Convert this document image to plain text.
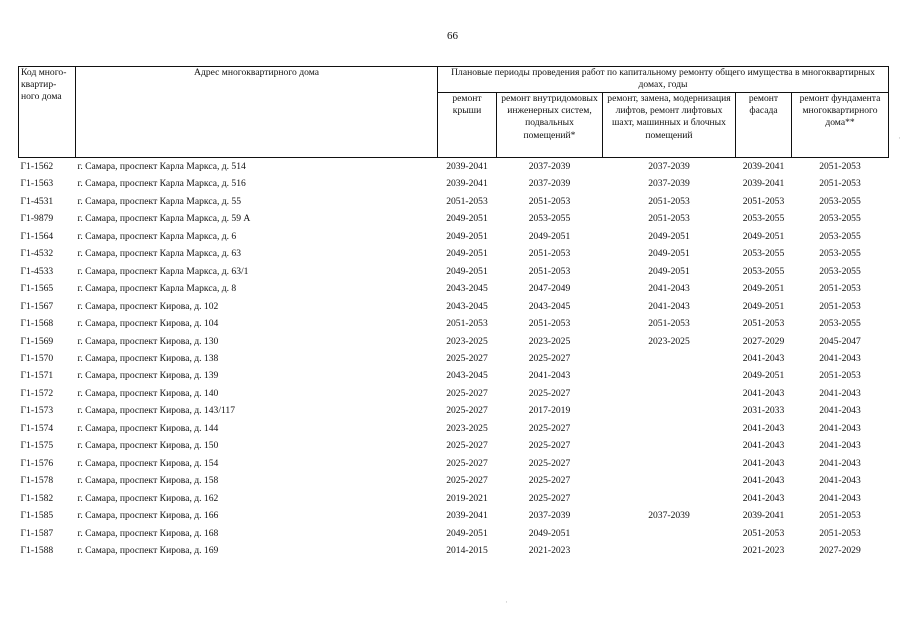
66
Код много-квартир-ного дома	Адрес многоквартирного дома	Плановые периоды проведения работ по капитальному ремонту общего имущества в многоквартирных домах, годы				
		ремонт крыши	ремонт внутридомовых инженерных систем, подвальных помещений*	ремонт, замена, модернизация лифтов, ремонт лифтовых шахт, машинных и блочных помещений	ремонт фасада	ремонт фундамента многоквартирного дома**
Г1-1562	г. Самара, проспект Карла Маркса, д. 514	2039-2041	2037-2039	2037-2039	2039-2041	2051-2053
Г1-1563	г. Самара, проспект Карла Маркса, д. 516	2039-2041	2037-2039	2037-2039	2039-2041	2051-2053
Г1-4531	г. Самара, проспект Карла Маркса, д. 55	2051-2053	2051-2053	2051-2053	2051-2053	2053-2055
Г1-9879	г. Самара, проспект Карла Маркса, д. 59 А	2049-2051	2053-2055	2051-2053	2053-2055	2053-2055
Г1-1564	г. Самара, проспект Карла Маркса, д. 6	2049-2051	2049-2051	2049-2051	2049-2051	2053-2055
Г1-4532	г. Самара, проспект Карла Маркса, д. 63	2049-2051	2051-2053	2049-2051	2053-2055	2053-2055
Г1-4533	г. Самара, проспект Карла Маркса, д. 63/1	2049-2051	2051-2053	2049-2051	2053-2055	2053-2055
Г1-1565	г. Самара, проспект Карла Маркса, д. 8	2043-2045	2047-2049	2041-2043	2049-2051	2051-2053
Г1-1567	г. Самара, проспект Кирова, д. 102	2043-2045	2043-2045	2041-2043	2049-2051	2051-2053
Г1-1568	г. Самара, проспект Кирова, д. 104	2051-2053	2051-2053	2051-2053	2051-2053	2053-2055
Г1-1569	г. Самара, проспект Кирова, д. 130	2023-2025	2023-2025	2023-2025	2027-2029	2045-2047
Г1-1570	г. Самара, проспект Кирова, д. 138	2025-2027	2025-2027		2041-2043	2041-2043
Г1-1571	г. Самара, проспект Кирова, д. 139	2043-2045	2041-2043		2049-2051	2051-2053
Г1-1572	г. Самара, проспект Кирова, д. 140	2025-2027	2025-2027		2041-2043	2041-2043
Г1-1573	г. Самара, проспект Кирова, д. 143/117	2025-2027	2017-2019		2031-2033	2041-2043
Г1-1574	г. Самара, проспект Кирова, д. 144	2023-2025	2025-2027		2041-2043	2041-2043
Г1-1575	г. Самара, проспект Кирова, д. 150	2025-2027	2025-2027		2041-2043	2041-2043
Г1-1576	г. Самара, проспект Кирова, д. 154	2025-2027	2025-2027		2041-2043	2041-2043
Г1-1578	г. Самара, проспект Кирова, д. 158	2025-2027	2025-2027		2041-2043	2041-2043
Г1-1582	г. Самара, проспект Кирова, д. 162	2019-2021	2025-2027		2041-2043	2041-2043
Г1-1585	г. Самара, проспект Кирова, д. 166	2039-2041	2037-2039	2037-2039	2039-2041	2051-2053
Г1-1587	г. Самара, проспект Кирова, д. 168	2049-2051	2049-2051		2051-2053	2051-2053
Г1-1588	г. Самара, проспект Кирова, д. 169	2014-2015	2021-2023		2021-2023	2027-2029
·
·
